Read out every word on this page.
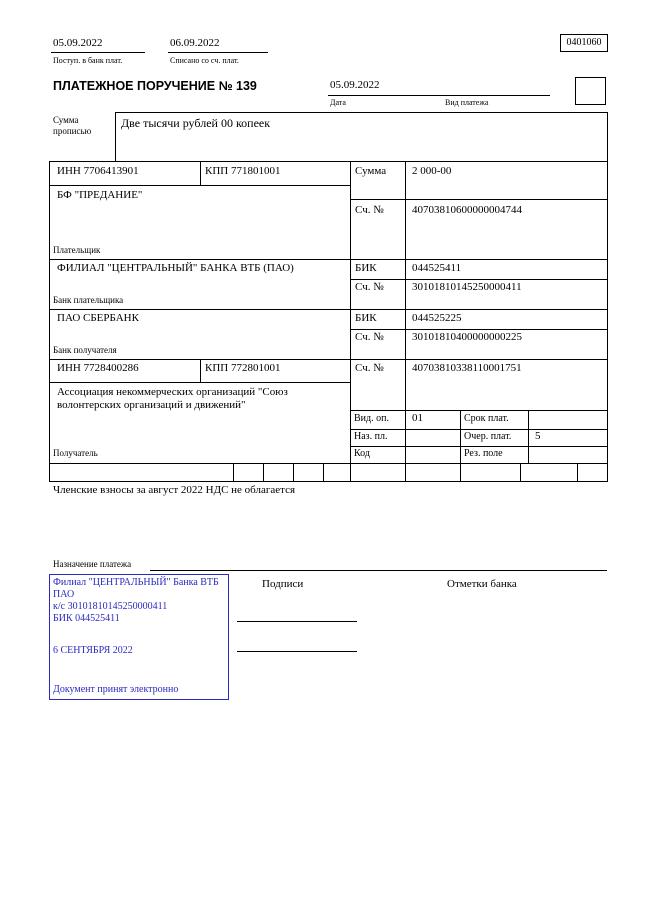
05.09.2022	06.09.2022
Поступ. в банк плат.	Списано со сч. плат.
0401060
ПЛАТЕЖНОЕ ПОРУЧЕНИЕ № 139	05.09.2022
Дата	Вид платежа
Сумма прописью
Две тысячи рублей 00 копеек
ИНН 7706413901	КПП 771801001	Сумма 2 000-00
БФ "ПРЕДАНИЕ"
Сч. №	40703810600000004744
Плательщик
ФИЛИАЛ "ЦЕНТРАЛЬНЫЙ" БАНКА ВТБ (ПАО)	БИК	044525411
Сч. №	30101810145250000411
Банк плательщика
ПАО СБЕРБАНК	БИК	044525225
Сч. №	30101810400000000225
Банк получателя
ИНН 7728400286	КПП 772801001	Сч. №	40703810338110001751
Ассоциация некоммерческих организаций "Союз волонтерских организаций и движений"
Вид. оп. 01	Срок плат.
Наз. пл.	Очер. плат. 5
Код	Рез. поле
Получатель
Членские взносы за август 2022 НДС не облагается
Назначение платежа
Филиал "ЦЕНТРАЛЬНЫЙ" Банка ВТБ ПАО
к/с 30101810145250000411
БИК 044525411
6 СЕНТЯБРЯ 2022
Документ принят электронно
Подписи	Отметки банка
